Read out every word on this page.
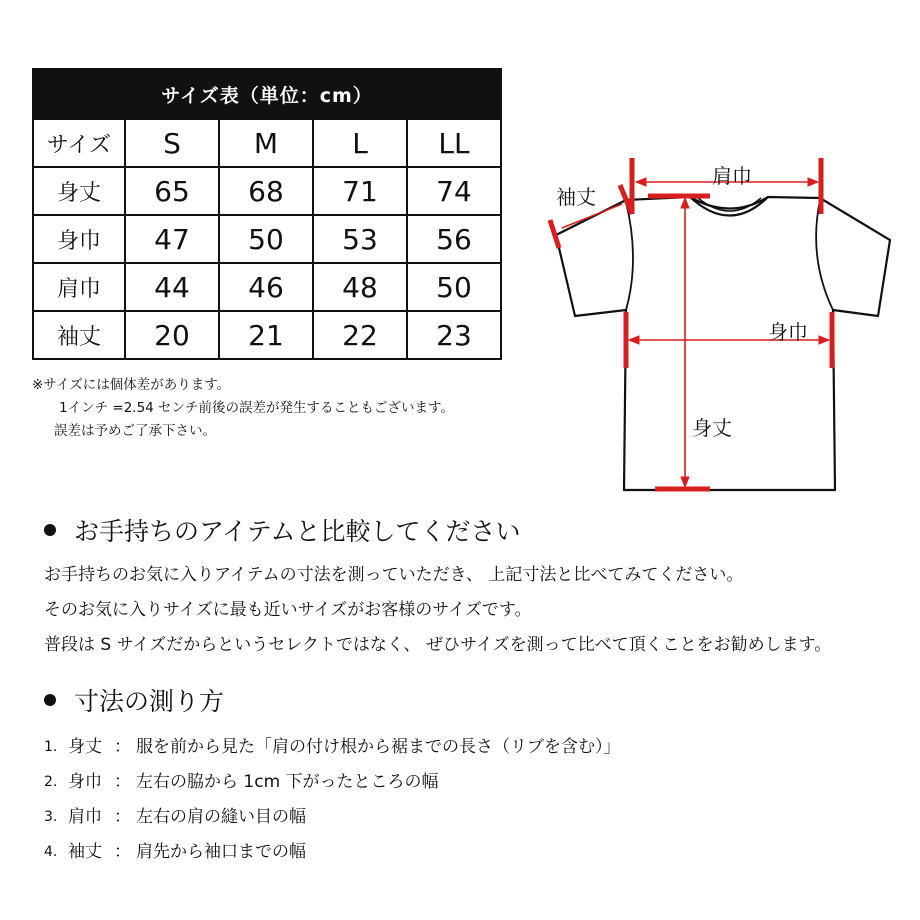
サイズ表（単位：cm）				
サイズ	S	M	L	LL
身丈	65	68	71	74
身巾	47	50	53	56
肩巾	44	46	48	50
袖丈	20	21	22	23

※サイズには個体差があります。

1インチ =2.54 センチ前後の誤差が発生することもございます。

誤差は予めご了承下さい。

肩巾
袖丈
身巾
身丈
お手持ちのアイテムと比較してください

お手持ちのお気に入りアイテムの寸法を測っていただき、 上記寸法と比べてみてください。

そのお気に入りサイズに最も近いサイズがお客様のサイズです。

普段は S サイズだからというセレクトではなく、 ぜひサイズを測って比べて頂くことをお勧めします。

寸法の測り方
1. 身丈 ： 服を前から見た「肩の付け根から裾までの長さ（リブを含む）」
2. 身巾 ： 左右の脇から 1cm 下がったところの幅
3. 肩巾 ： 左右の肩の縫い目の幅
4. 袖丈 ： 肩先から袖口までの幅
